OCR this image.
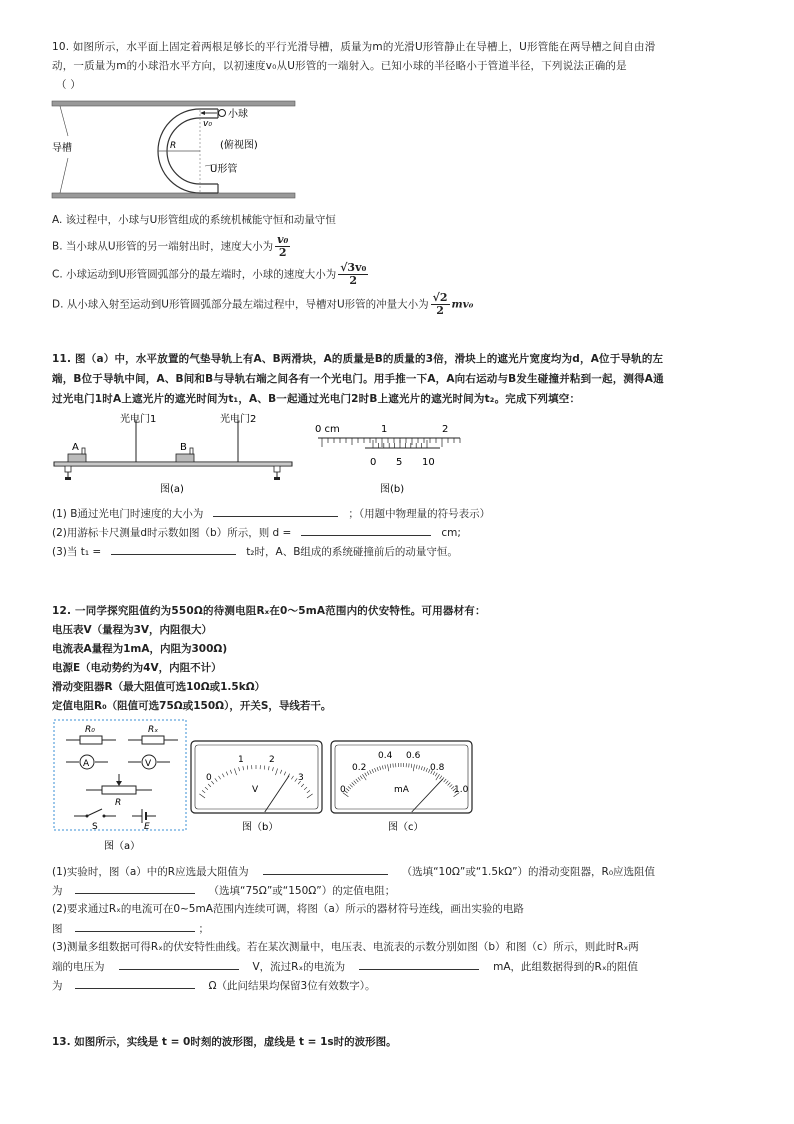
10. 如图所示，水平面上固定着两根足够长的平行光滑导槽，质量为m的光滑U形管静止在导槽上，U形管能在两导槽之间自由滑
动，一质量为m的小球沿水平方向，以初速度v₀从U形管的一端射入。已知小球的半径略小于管道半径，下列说法正确的是
（ ）
小球
v₀
R
导槽	(俯视图)
U形管
A. 该过程中，小球与U形管组成的系统机械能守恒和动量守恒
B. 当小球从U形管的另一端射出时，速度大小为 $\frac{\text{v₀}}{2}$
C. 小球运动到U形管圆弧部分的最左端时，小球的速度大小为 $\frac{\text{√3v₀}}{2}$
D. 从小球入射至运动到U形管圆弧部分最左端过程中，导槽对U形管的冲量大小为 $\frac{√2}{2} mv_0$
11. 图（a）中，水平放置的气垫导轨上有A、B两滑块，A的质量是B的质量的3倍，滑块上的遮光片宽度均为d，A位于导轨的左
端，B位于导轨中间，A、B间和B与导轨右端之间各有一个光电门。用手推一下A，A向右运动与B发生碰撞并粘到一起，测得A通
过光电门1时A上遮光片的遮光时间为t₁，A、B一起通过光电门2时B上遮光片的遮光时间为t₂。完成下列填空：
光电门1	光电门2
A	B
图(a)
0 cm	1	2
0 5 10
图(b)
(1) B通过光电门时速度的大小为	；（用题中物理量的符号表示）
(2)用游标卡尺测量d时示数如图（b）所示，则 d =	cm;
(3)当 t₁ =	t₂时，A、B组成的系统碰撞前后的动量守恒。
12. 一同学探究阻值约为550Ω的待测电阻Rₓ在0～5mA范围内的伏安特性。可用器材有：
电压表V（量程为3V，内阻很大）
电流表A量程为1mA，内阻为300Ω)
电源E（电动势约为4V，内阻不计）
滑动变阻器R（最大阻值可选10Ω或1.5kΩ）
定值电阻R₀（阻值可选75Ω或150Ω），开关S，导线若干。
R₀	Rₓ
A	V
R
S	E
图（a）
0
1	2
3
V
图（b）
0
0.2
0.4 0.6
0.8
1.0
mA
图（c）
(1)实验时，图（a）中的R应选最大阻值为	（选填“10Ω”或“1.5kΩ”）的滑动变阻器，R₀应选阻值
为	（选填“75Ω”或“150Ω”）的定值电阻；
(2)要求通过Rₓ的电流可在0~5mA范围内连续可调，将图（a）所示的器材符号连线，画出实验的电路
图	；
(3)测量多组数据可得Rₓ的伏安特性曲线。若在某次测量中，电压表、电流表的示数分别如图（b）和图（c）所示，则此时Rₓ两
端的电压为	V，流过Rₓ的电流为	mA，此组数据得到的Rₓ的阻值
为	Ω（此问结果均保留3位有效数字）。
13. 如图所示，实线是 t = 0时刻的波形图，虚线是 t = 1s时的波形图。
